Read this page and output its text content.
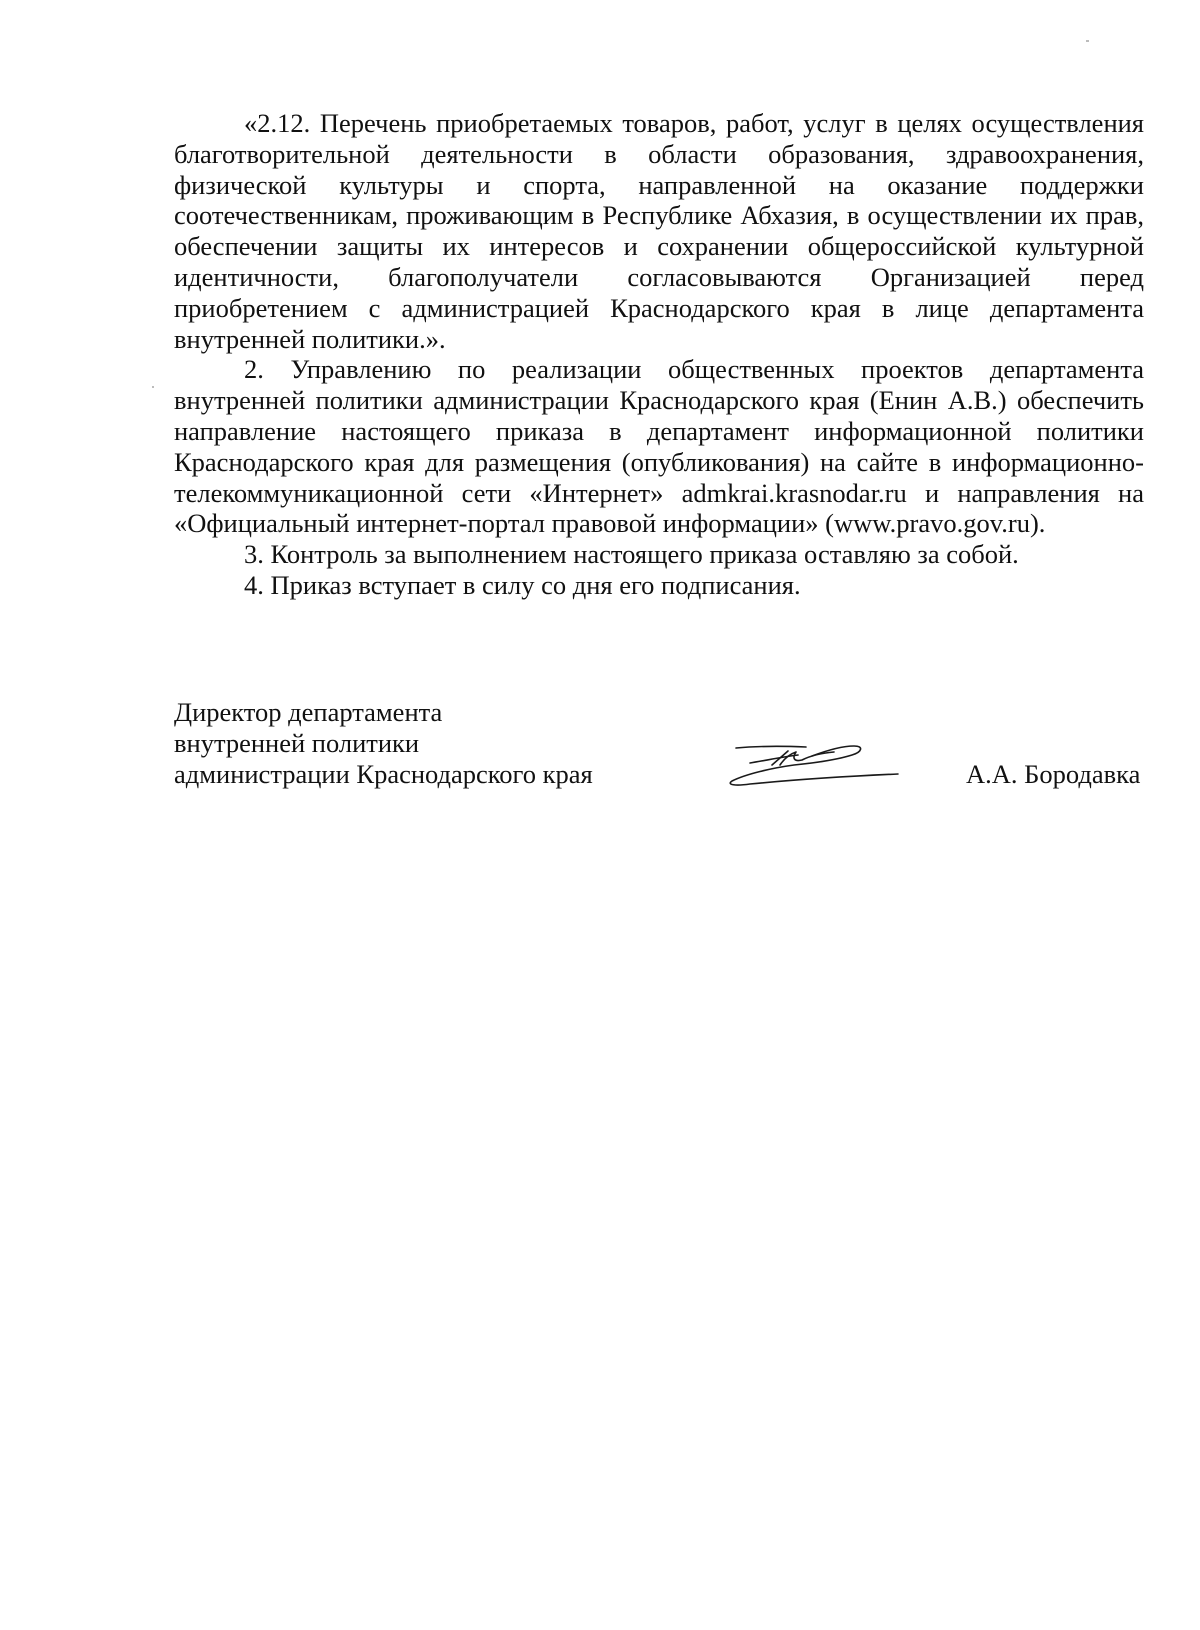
«2.12. Перечень приобретаемых товаров, работ, услуг в целях осуществления благотворительной деятельности в области образования, здравоохранения, физической культуры и спорта, направленной на оказание поддержки соотечественникам, проживающим в Республике Абхазия, в осуществлении их прав, обеспечении защиты их интересов и сохранении общероссийской культурной идентичности, благополучатели согласовываются Организацией перед приобретением с администрацией Краснодарского края в лице департамента внутренней политики.».

2. Управлению по реализации общественных проектов департамента внутренней политики администрации Краснодарского края (Енин А.В.) обеспечить направление настоящего приказа в департамент информационной политики Краснодарского края для размещения (опубликования) на сайте в информационно-телекоммуникационной сети «Интернет» admkrai.krasnodar.ru и направления на «Официальный интернет-портал правовой информации» (www.pravo.gov.ru).

3. Контроль за выполнением настоящего приказа оставляю за собой.

4. Приказ вступает в силу со дня его подписания.

Директор департамента
внутренней политики
администрации Краснодарского края	А.А. Бородавка
